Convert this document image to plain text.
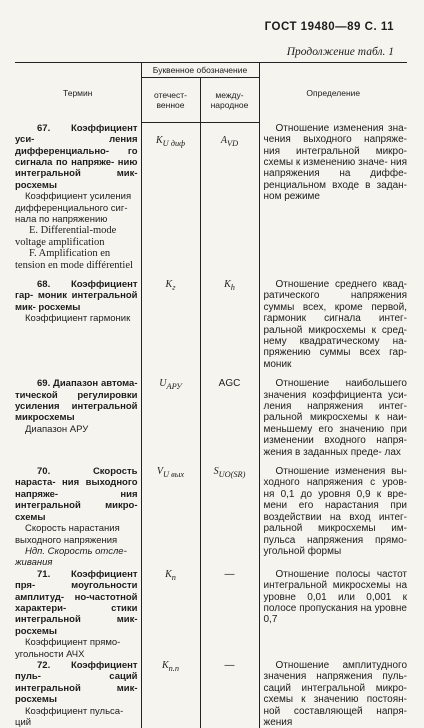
ГОСТ 19480—89 С. 11
Продолжение табл. 1
Термин	Буквенное обозначение		Определение
	отечест- венное	между- народное	

67. Коэффициент уси- ления дифференциально- го сигнала по напряже- нию интегральной мик- росхемы

Коэффициент усиления дифференциального сиг- нала по напряжению

E. Differential-mode voltage amplification

F. Amplification en tension en mode différentiel	$K_{U диф}$	$A_{VD}$	Отношение изменения зна- чения выходного напряже- ния интегральной микро- схемы к изменению значе- ния напряжения на диффе- ренциальном входе в задан- ном режиме

68. Коэффициент гар- моник интегральной мик- росхемы

Коэффициент гармоник	$K_г$	$K_h$	Отношение среднего квад- ратического напряжения суммы всех, кроме первой, гармоник сигнала интег- ральной микросхемы к сред- нему квадратическому на- пряжению суммы всех гар- моник

69. Диапазон автома- тической регулировки усиления интегральной микросхемы

Диапазон АРУ	$U_{АРУ}$	AGC	Отношение наибольшего значения коэффициента уси- ления напряжения интег- ральной микросхемы к наи- меньшему его значению при изменении входного напря- жения в заданных преде- лах

70. Скорость нараста- ния выходного напряже- ния интегральной микро- схемы

Скорость нарастания выходного напряжения

Ндп. Скорость отсле- живания	$V_{U вых}$	$S_{UO(SR)}$	Отношение изменения вы- ходного напряжения с уров- ня 0,1 до уровня 0,9 к вре- мени его нарастания при воздействии на вход интег- ральной микросхемы им- пульса напряжения прямо- угольной формы

71. Коэффициент пря- моугольности амплитуд- но-частотной характери- стики интегральной мик- росхемы

Коэффициент прямо- угольности АЧХ	$K_п$	—	Отношение полосы частот интегральной микросхемы на уровне 0,01 или 0,001 к полосе пропускания на уровне 0,7

72. Коэффициент пуль- саций интегральной мик- росхемы

Коэффициент пульса- ций	$K_{п.п}$	—	Отношение амплитудного значения напряжения пуль- саций интегральной микро- схемы к значению постоян- ной составляющей напря- жения
